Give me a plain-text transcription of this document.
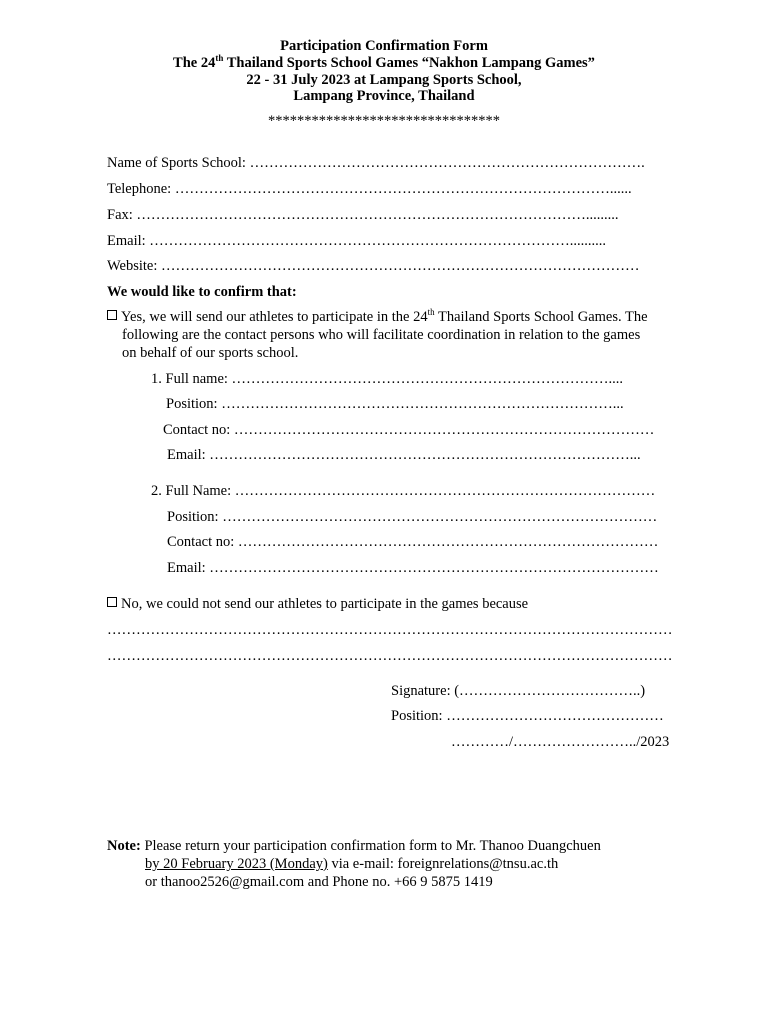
Participation Confirmation Form
The 24th Thailand Sports School Games “Nakhon Lampang Games”
22 - 31 July 2023 at Lampang Sports School,
Lampang Province, Thailand
********************************
Name of Sports School: ……………………………………………………………………….
Telephone: ………………………………………………………………………………......
Fax: ………………………………………………………………………………….........
Email: ……………………………………………………………………………..........
Website: ………………………………………………………………………………………
We would like to confirm that:
Yes, we will send our athletes to participate in the 24th Thailand Sports School Games. The
following are the contact persons who will facilitate coordination in relation to the games
on behalf of our sports school.
1. Full name: ……………………………………………………………………....
Position: ………………………………………………………………………...
Contact no: ……………………………………………………………………………
Email: ……………………………………………………………………………...
2. Full Name: ……………………………………………………………………………
Position: ………………………………………………………………………………
Contact no: ……………………………………………………………………………
Email: …………………………………………………………………………………
No, we could not send our athletes to participate in the games because
………………………………………………………………………………………………………
………………………………………………………………………………………………………
Signature: (………………………………..)
Position: ………………………………………
…………/……………………../2023
Note: Please return your participation confirmation form to Mr. Thanoo Duangchuen
by 20 February 2023 (Monday) via e-mail: foreignrelations@tnsu.ac.th
or thanoo2526@gmail.com and Phone no. +66 9 5875 1419
